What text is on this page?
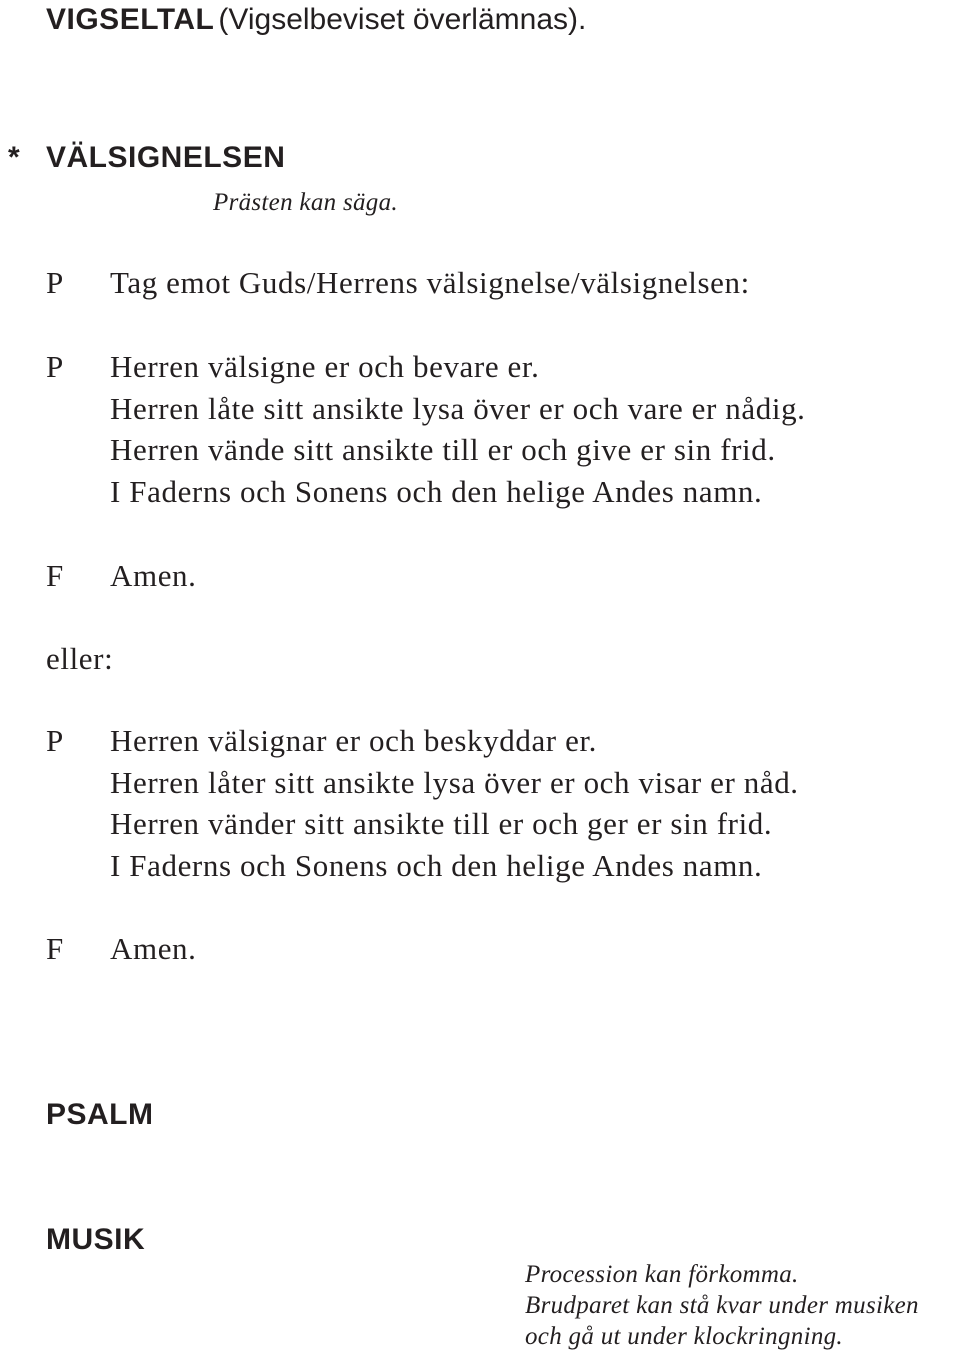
VIGSELTAL (Vigselbeviset överlämnas).
* VÄLSIGNELSEN
Prästen kan säga.
P Tag emot Guds/Herrens välsignelse/välsignelsen:
P Herren välsigne er och bevare er.
Herren låte sitt ansikte lysa över er och vare er nådig.
Herren vände sitt ansikte till er och give er sin frid.
I Faderns och Sonens och den helige Andes namn.
F Amen.
eller:
P Herren välsignar er och beskyddar er.
Herren låter sitt ansikte lysa över er och visar er nåd.
Herren vänder sitt ansikte till er och ger er sin frid.
I Faderns och Sonens och den helige Andes namn.
F Amen.
PSALM
MUSIK
Procession kan förkomma.
Brudparet kan stå kvar under musiken
och gå ut under klockringning.
